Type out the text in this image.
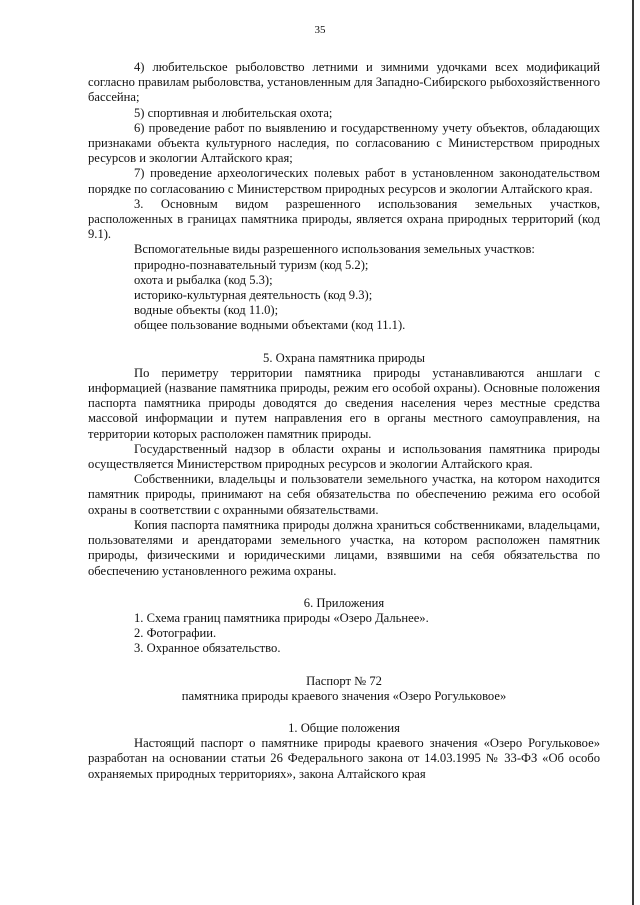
35
4) любительское рыболовство летними и зимними удочками всех модификаций согласно правилам рыболовства, установленным для Западно-Сибирского рыбохозяйственного бассейна;
5) спортивная и любительская охота;
6) проведение работ по выявлению и государственному учету объектов, обладающих признаками объекта культурного наследия, по согласованию с Министерством природных ресурсов и экологии Алтайского края;
7) проведение археологических полевых работ в установленном законодательством порядке по согласованию с Министерством природных ресурсов и экологии Алтайского края.
3. Основным видом разрешенного использования земельных участков, расположенных в границах памятника природы, является охрана природных территорий (код 9.1).
Вспомогательные виды разрешенного использования земельных участков:
природно-познавательный туризм (код 5.2);
охота и рыбалка (код 5.3);
историко-культурная деятельность (код 9.3);
водные объекты (код 11.0);
общее пользование водными объектами (код 11.1).
5. Охрана памятника природы
По периметру территории памятника природы устанавливаются аншлаги с информацией (название памятника природы, режим его особой охраны). Основные положения паспорта памятника природы доводятся до сведения населения через местные средства массовой информации и путем направления его в органы местного самоуправления, на территории которых расположен памятник природы.
Государственный надзор в области охраны и использования памятника природы осуществляется Министерством природных ресурсов и экологии Алтайского края.
Собственники, владельцы и пользователи земельного участка, на котором находится памятник природы, принимают на себя обязательства по обеспечению режима его особой охраны в соответствии с охранными обязательствами.
Копия паспорта памятника природы должна храниться собственниками, владельцами, пользователями и арендаторами земельного участка, на котором расположен памятник природы, физическими и юридическими лицами, взявшими на себя обязательства по обеспечению установленного режима охраны.
6. Приложения
1. Схема границ памятника природы «Озеро Дальнее».
2. Фотографии.
3. Охранное обязательство.
Паспорт № 72
памятника природы краевого значения «Озеро Рогульковое»
1. Общие положения
Настоящий паспорт о памятнике природы краевого значения «Озеро Рогульковое» разработан на основании статьи 26 Федерального закона от 14.03.1995 № 33-ФЗ «Об особо охраняемых природных территориях», закона Алтайского края
